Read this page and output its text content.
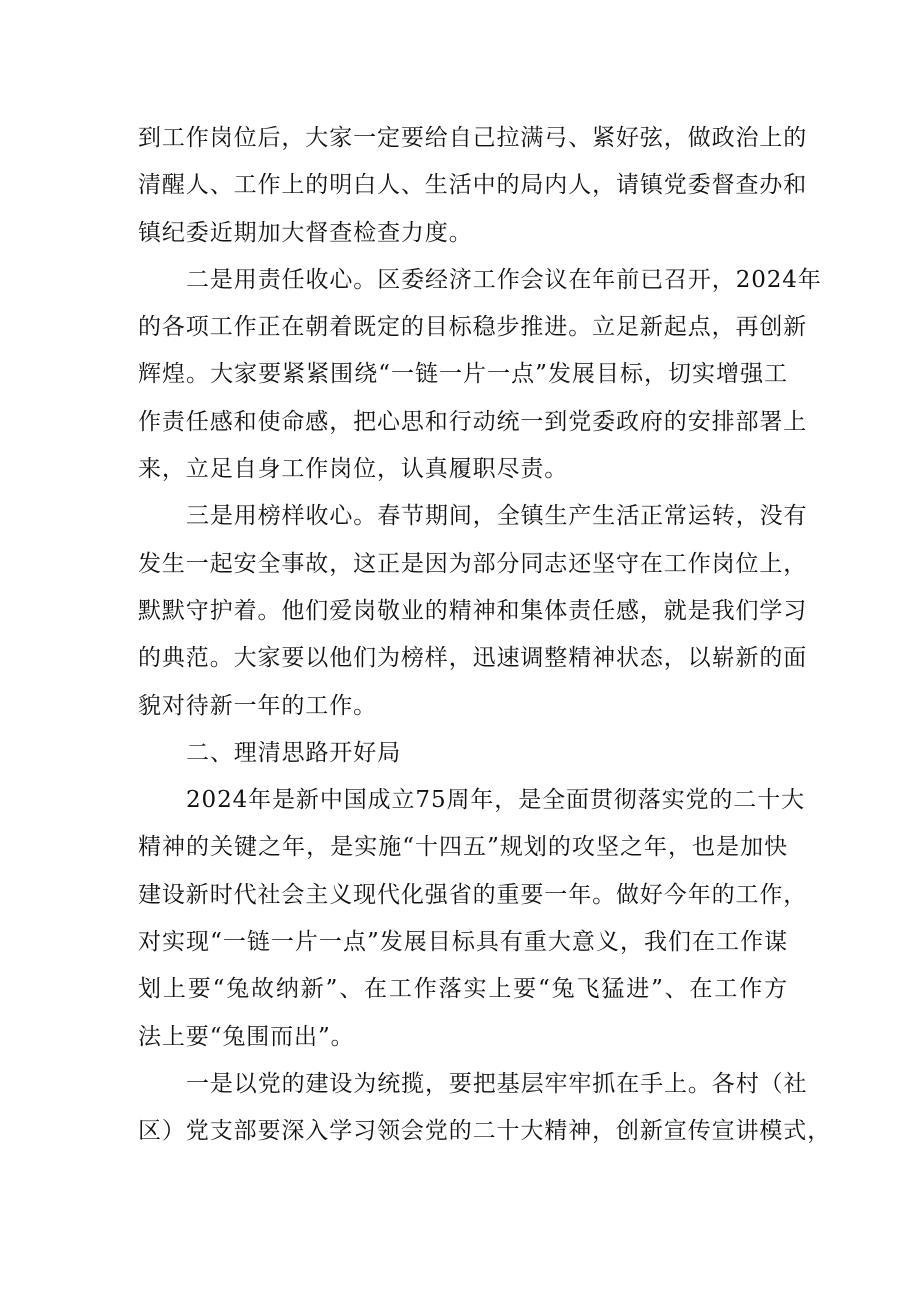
到工作岗位后，大家一定要给自己拉满弓、紧好弦，做政治上的
清醒人、工作上的明白人、生活中的局内人，请镇党委督查办和
镇纪委近期加大督查检查力度。
二是用责任收心。区委经济工作会议在年前已召开，2024年
的各项工作正在朝着既定的目标稳步推进。立足新起点，再创新
辉煌。大家要紧紧围绕“一链一片一点”发展目标，切实增强工
作责任感和使命感，把心思和行动统一到党委政府的安排部署上
来，立足自身工作岗位，认真履职尽责。
三是用榜样收心。春节期间，全镇生产生活正常运转，没有
发生一起安全事故，这正是因为部分同志还坚守在工作岗位上，
默默守护着。他们爱岗敬业的精神和集体责任感，就是我们学习
的典范。大家要以他们为榜样，迅速调整精神状态，以崭新的面
貌对待新一年的工作。
二、理清思路开好局
2024年是新中国成立75周年，是全面贯彻落实党的二十大
精神的关键之年，是实施“十四五”规划的攻坚之年，也是加快
建设新时代社会主义现代化强省的重要一年。做好今年的工作，
对实现“一链一片一点”发展目标具有重大意义，我们在工作谋
划上要“兔故纳新”、在工作落实上要“兔飞猛进”、在工作方
法上要“兔围而出”。
一是以党的建设为统揽，要把基层牢牢抓在手上。各村（社
区）党支部要深入学习领会党的二十大精神，创新宣传宣讲模式，
